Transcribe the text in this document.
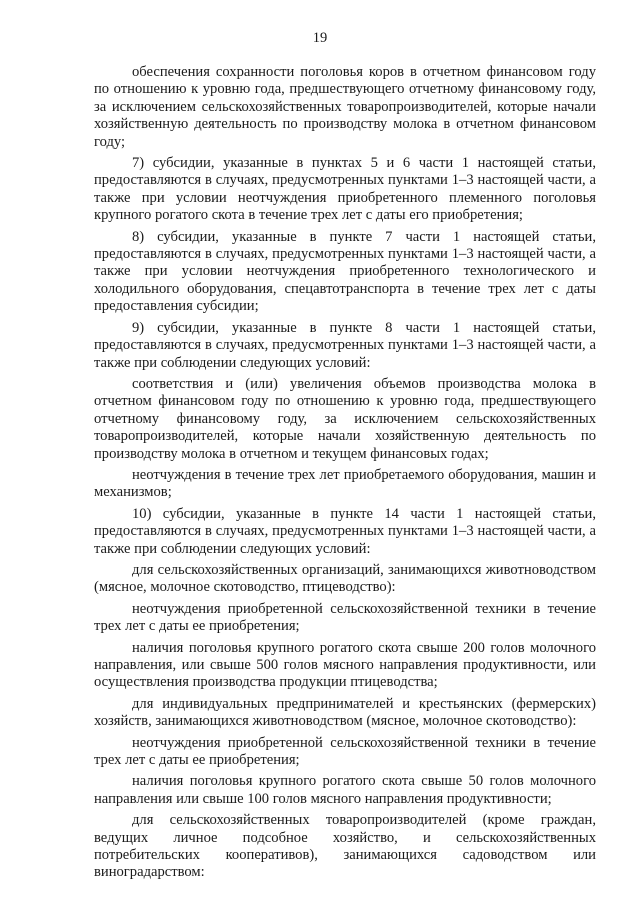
19

обеспечения сохранности поголовья коров в отчетном финансовом году по отношению к уровню года, предшествующего отчетному финансовому году, за исключением сельскохозяйственных товаропроизводителей, которые начали хозяйственную деятельность по производству молока в отчетном финансовом году;

7) субсидии, указанные в пунктах 5 и 6 части 1 настоящей статьи, предоставляются в случаях, предусмотренных пунктами 1–3 настоящей части, а также при условии неотчуждения приобретенного племенного поголовья крупного рогатого скота в течение трех лет с даты его приобретения;

8) субсидии, указанные в пункте 7 части 1 настоящей статьи, предоставляются в случаях, предусмотренных пунктами 1–3 настоящей части, а также при условии неотчуждения приобретенного технологического и холодильного оборудования, спецавтотранспорта в течение трех лет с даты предоставления субсидии;

9) субсидии, указанные в пункте 8 части 1 настоящей статьи, предоставляются в случаях, предусмотренных пунктами 1–3 настоящей части, а также при соблюдении следующих условий:

соответствия и (или) увеличения объемов производства молока в отчетном финансовом году по отношению к уровню года, предшествующего отчетному финансовому году, за исключением сельскохозяйственных товаропроизводителей, которые начали хозяйственную деятельность по производству молока в отчетном и текущем финансовых годах;

неотчуждения в течение трех лет приобретаемого оборудования, машин и механизмов;

10) субсидии, указанные в пункте 14 части 1 настоящей статьи, предоставляются в случаях, предусмотренных пунктами 1–3 настоящей части, а также при соблюдении следующих условий:

для сельскохозяйственных организаций, занимающихся животноводством (мясное, молочное скотоводство, птицеводство):

неотчуждения приобретенной сельскохозяйственной техники в течение трех лет с даты ее приобретения;

наличия поголовья крупного рогатого скота свыше 200 голов молочного направления, или свыше 500 голов мясного направления продуктивности, или осуществления производства продукции птицеводства;

для индивидуальных предпринимателей и крестьянских (фермерских) хозяйств, занимающихся животноводством (мясное, молочное скотоводство):

неотчуждения приобретенной сельскохозяйственной техники в течение трех лет с даты ее приобретения;

наличия поголовья крупного рогатого скота свыше 50 голов молочного направления или свыше 100 голов мясного направления продуктивности;

для сельскохозяйственных товаропроизводителей (кроме граждан, ведущих личное подсобное хозяйство, и сельскохозяйственных потребительских кооперативов), занимающихся садоводством или виноградарством:
